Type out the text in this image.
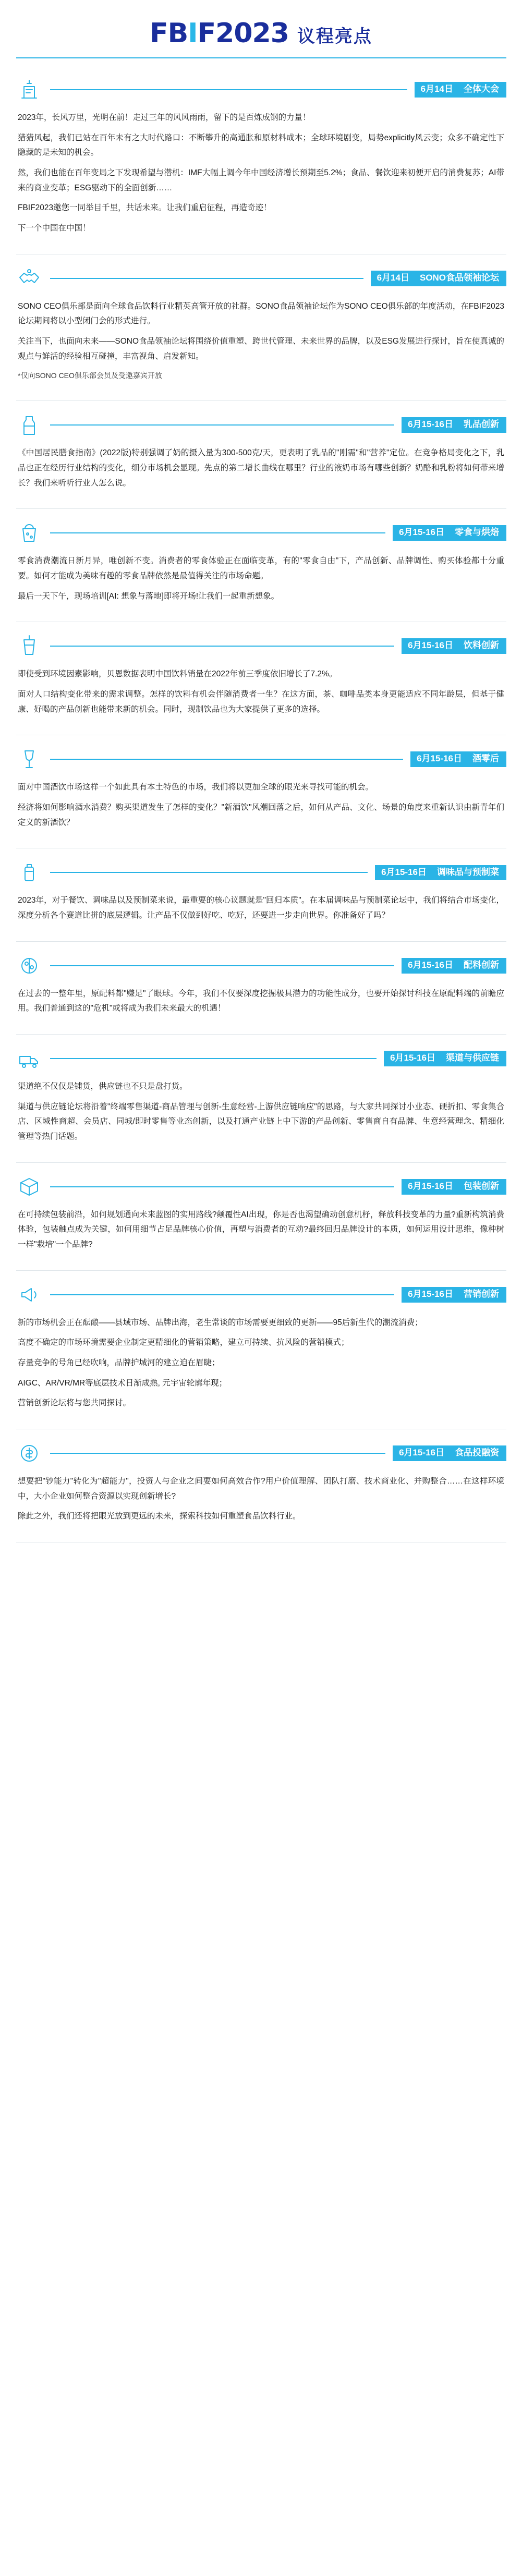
FBIF2023 议程亮点
6月14日	全体大会

2023年，长风万里，光明在前！走过三年的风风雨雨，留下的是百炼成钢的力量！

猎猎风起，我们已站在百年未有之大时代路口：不断攀升的高通胀和原材料成本；全球环境剧变，局势explicitly风云变；众多不确定性下隐藏的是未知的机会。

然，我们也能在百年变局之下发现希望与潜机：IMF大幅上调今年中国经济增长预期至5.2%；食品、餐饮迎来初便开启的消费复苏；AI带来的商业变革；ESG驱动下的全面创新……

FBIF2023邀您一同举目千里，共话未来。让我们重启征程，再造奇迹！

下一个中国在中国！

6月14日	SONO食品领袖论坛

SONO CEO俱乐部是面向全球食品饮料行业精英高管开放的社群。SONO食品领袖论坛作为SONO CEO俱乐部的年度活动，在FBIF2023论坛期间将以小型闭门会的形式进行。

关注当下，也面向未来——SONO食品领袖论坛将围绕价值重塑、跨世代管理、未来世界的品牌，以及ESG发展进行探讨，旨在使真诚的观点与鲜活的经验相互碰撞，丰富视角、启发新知。

*仅向SONO CEO俱乐部会员及受邀嘉宾开放

6月15-16日	乳品创新

《中国居民膳食指南》(2022版)特别强调了奶的摄入量为300-500克/天，更表明了乳品的"刚需"和"营养"定位。在竞争格局变化之下，乳品也正在经历行业结构的变化，细分市场机会显现。先点的第二增长曲线在哪里？行业的液奶市场有哪些创新？奶酪和乳粉将如何带来增长？我们来听听行业人怎么说。

6月15-16日	零食与烘焙

零食消费潮流日新月异，唯创新不变。消费者的零食体验正在面临变革，有的"零食自由"下，产品创新、品牌调性、购买体验都十分重要。如何才能成为美味有趣的零食品牌依然是最值得关注的市场命题。

最后一天下午，现场培训[AI: 想象与落地]即将开场!让我们一起重新想象。

6月15-16日	饮料创新

即使受到环境因素影响，贝恩数据表明中国饮料销量在2022年前三季度依旧增长了7.2%。

面对人口结构变化带来的需求调整。怎样的饮料有机会伴随消费者一生？在这方面，茶、咖啡品类本身更能适应不同年龄层，但基于健康、好喝的产品创新也能带来新的机会。同时，现制饮品也为大家提供了更多的选择。

6月15-16日	酒零后

面对中国酒饮市场这样一个如此具有本土特色的市场，我们将以更加全球的眼光来寻找可能的机会。

经济将如何影响酒水消费？购买渠道发生了怎样的变化？"新酒饮"风潮回落之后，如何从产品、文化、场景的角度来重新认识由新青年们定义的新酒饮？

6月15-16日	调味品与预制菜

2023年，对于餐饮、调味品以及预制菜来说，最重要的核心议题就是"回归本质"。在本届调味品与预制菜论坛中，我们将结合市场变化，深度分析各个赛道比拼的底层逻辑。让产品不仅做到好吃、吃好，还要进一步走向世界。你准备好了吗？

6月15-16日	配料创新

在过去的一整年里，原配料都"赚足"了眼球。今年，我们不仅要深度挖掘极具潜力的功能性成分，也要开始探讨科技在原配料端的前瞻应用。我们普通到这的"危机"或将成为我们未来最大的机遇！

6月15-16日	渠道与供应链

渠道绝不仅仅是铺货，供应链也不只是盘打货。

渠道与供应链论坛将沿着"终端零售渠道-商品管理与创新-生意经营-上游供应链响应"的思路，与大家共同探讨小业态、硬折扣、零食集合店、区域性商超、会员店、同城/即时零售等业态创新，以及打通产业链上中下游的产品创新、零售商自有品牌、生意经营理念、精细化管理等热门话题。

6月15-16日	包装创新

在可持续包装前沿，如何规划通向未来蓝图的实用路线?颠覆性AI出现，你是否也渴望确动创意机杼，释放科技变革的力量?重新构筑消费体验，包装触点成为关键，如何用细节占足品牌核心价值，再塑与消费者的互动?最终回归品牌设计的本质，如何运用设计思维，像种树一样"栽培"一个品牌?

6月15-16日	营销创新

新的市场机会正在酝酿——县域市场、品牌出海，老生常谈的市场需要更细致的更新——95后新生代的潮流消费；

高度不确定的市场环境需要企业制定更精细化的营销策略，建立可持续、抗风险的营销模式；

存量竞争的号角已经吹响，品牌护城河的建立迫在眉睫；

AIGC、AR/VR/MR等底层技术日渐成熟, 元宇宙轮廓年现；

营销创新论坛将与您共同探讨。

6月15-16日	食品投融资

想要把"钞能力"转化为"超能力"，投资人与企业之间要如何高效合作?用户价值理解、团队打磨、技术商业化、并购整合……在这样环境中，大小企业如何整合资源以实现创新增长?

除此之外，我们还将把眼光放到更远的未来，探索科技如何重塑食品饮料行业。
